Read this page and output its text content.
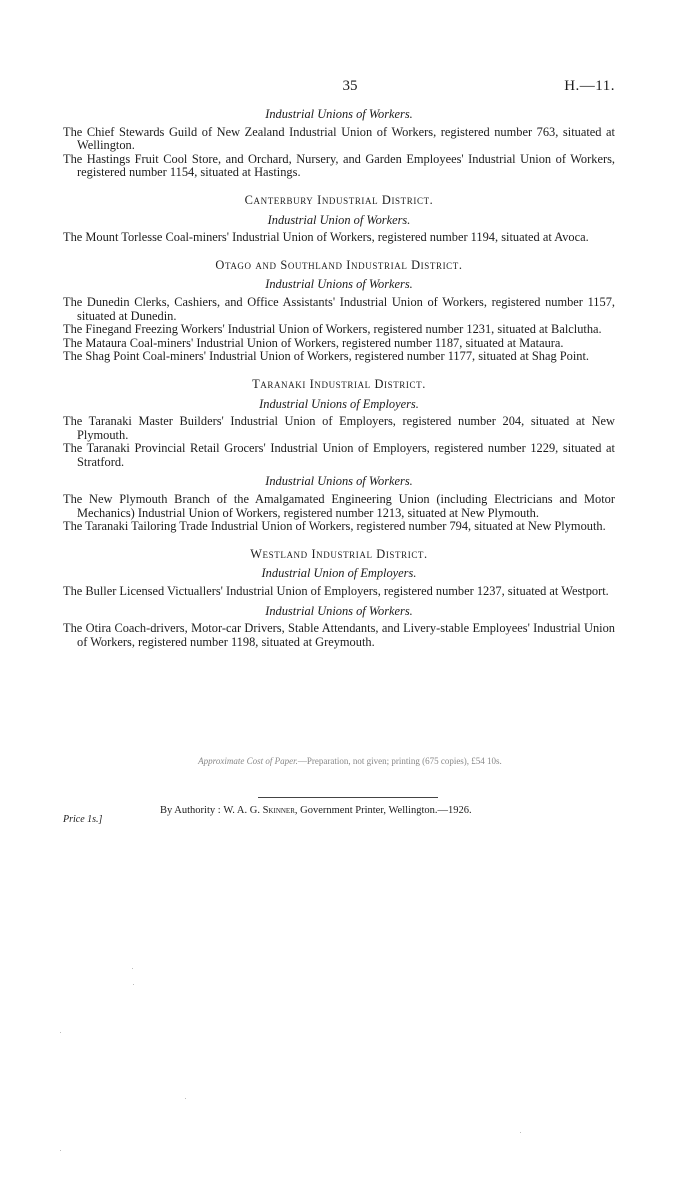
35	H.—11.
Industrial Unions of Workers.

The Chief Stewards Guild of New Zealand Industrial Union of Workers, registered number 763, situated at Wellington.

The Hastings Fruit Cool Store, and Orchard, Nursery, and Garden Employees' Industrial Union of Workers, registered number 1154, situated at Hastings.

Canterbury Industrial District.
Industrial Union of Workers.

The Mount Torlesse Coal-miners' Industrial Union of Workers, registered number 1194, situated at Avoca.

Otago and Southland Industrial District.
Industrial Unions of Workers.

The Dunedin Clerks, Cashiers, and Office Assistants' Industrial Union of Workers, registered number 1157, situated at Dunedin.

The Finegand Freezing Workers' Industrial Union of Workers, registered number 1231, situated at Balclutha.

The Mataura Coal-miners' Industrial Union of Workers, registered number 1187, situated at Mataura.

The Shag Point Coal-miners' Industrial Union of Workers, registered number 1177, situated at Shag Point.

Taranaki Industrial District.
Industrial Unions of Employers.

The Taranaki Master Builders' Industrial Union of Employers, registered number 204, situated at New Plymouth.

The Taranaki Provincial Retail Grocers' Industrial Union of Employers, registered number 1229, situated at Stratford.

Industrial Unions of Workers.

The New Plymouth Branch of the Amalgamated Engineering Union (including Electricians and Motor Mechanics) Industrial Union of Workers, registered number 1213, situated at New Plymouth.

The Taranaki Tailoring Trade Industrial Union of Workers, registered number 794, situated at New Plymouth.

Westland Industrial District.
Industrial Union of Employers.

The Buller Licensed Victuallers' Industrial Union of Employers, registered number 1237, situated at Westport.

Industrial Unions of Workers.

The Otira Coach-drivers, Motor-car Drivers, Stable Attendants, and Livery-stable Employees' Industrial Union of Workers, registered number 1198, situated at Greymouth.

Approximate Cost of Paper.—Preparation, not given; printing (675 copies), £54 10s.
By Authority : W. A. G. Skinner, Government Printer, Wellington.—1926.
Price 1s.]
